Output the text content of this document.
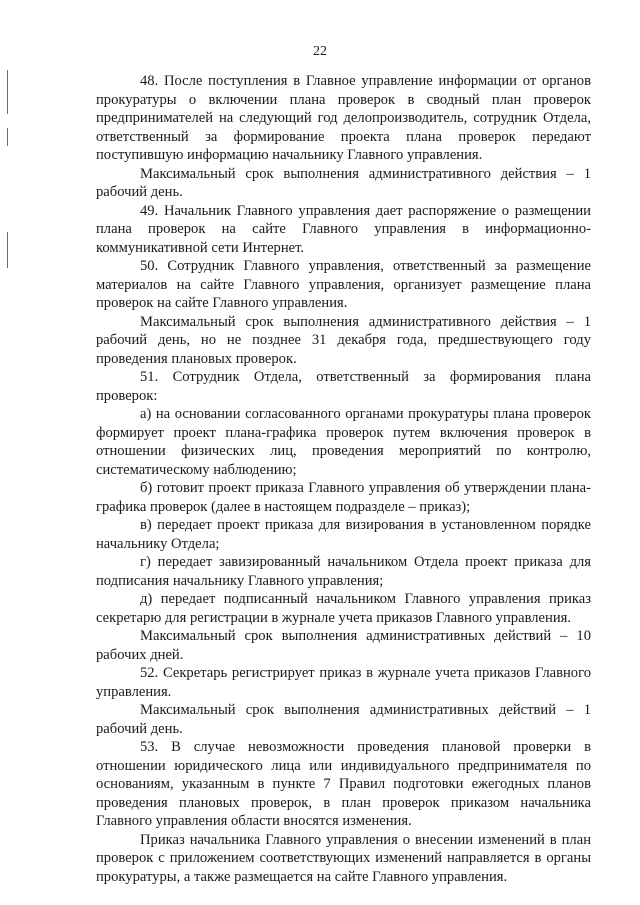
22

48. После поступления в Главное управление информации от органов прокуратуры о включении плана проверок в сводный план проверок предпринимателей на следующий год делопроизводитель, сотрудник Отдела, ответственный за формирование проекта плана проверок передают поступившую информацию начальнику Главного управления.

Максимальный срок выполнения административного действия – 1 рабочий день.

49. Начальник Главного управления дает распоряжение о размещении плана проверок на сайте Главного управления в информационно-коммуникативной сети Интернет.

50. Сотрудник Главного управления, ответственный за размещение материалов на сайте Главного управления, организует размещение плана проверок на сайте Главного управления.

Максимальный срок выполнения административного действия – 1 рабочий день, но не позднее 31 декабря года, предшествующего году проведения плановых проверок.

51. Сотрудник Отдела, ответственный за формирования плана проверок:

а) на основании согласованного органами прокуратуры плана проверок формирует проект плана-графика проверок путем включения проверок в отношении физических лиц, проведения мероприятий по контролю, систематическому наблюдению;

б) готовит проект приказа Главного управления об утверждении плана-графика проверок (далее в настоящем подразделе – приказ);

в) передает проект приказа для визирования в установленном порядке начальнику Отдела;

г) передает завизированный начальником Отдела проект приказа для подписания начальнику Главного управления;

д) передает подписанный начальником Главного управления приказ секретарю для регистрации в журнале учета приказов Главного управления.

Максимальный срок выполнения административных действий – 10 рабочих дней.

52. Секретарь регистрирует приказ в журнале учета приказов Главного управления.

Максимальный срок выполнения административных действий – 1 рабочий день.

53. В случае невозможности проведения плановой проверки в отношении юридического лица или индивидуального предпринимателя по основаниям, указанным в пункте 7 Правил подготовки ежегодных планов проведения плановых проверок, в план проверок приказом начальника Главного управления области вносятся изменения.

Приказ начальника Главного управления о внесении изменений в план проверок с приложением соответствующих изменений направляется в органы прокуратуры, а также размещается на сайте Главного управления.
